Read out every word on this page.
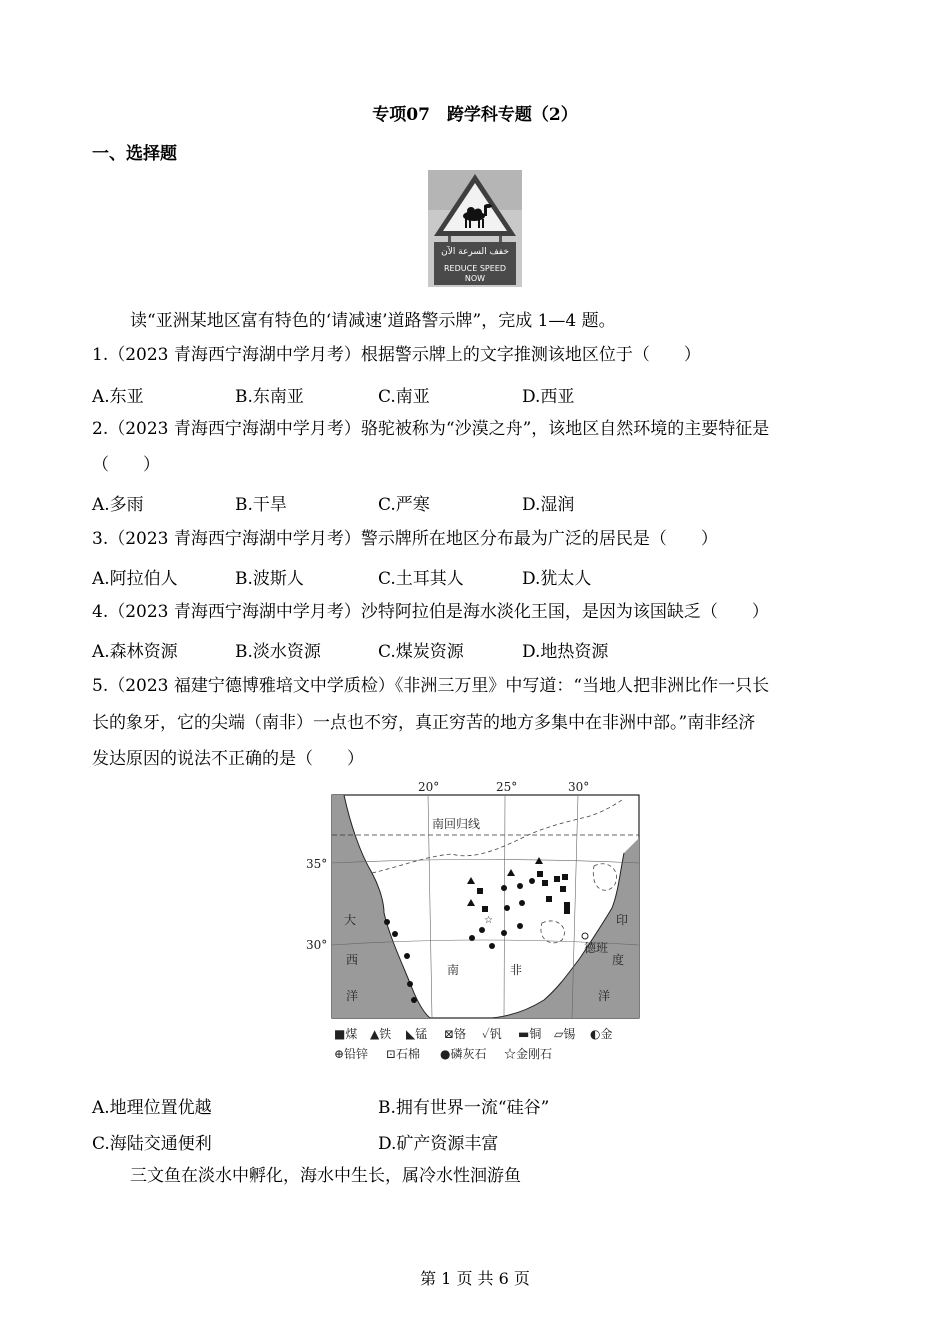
专项07　跨学科专题（2）
一、选择题
خفف السرعة الآن
REDUCE SPEED
NOW
读“亚洲某地区富有特色的‘请减速’道路警示牌”，完成 1—4 题。
1.（2023 青海西宁海湖中学月考）根据警示牌上的文字推测该地区位于（　　）
A.东亚	B.东南亚	C.南亚	D.西亚
2.（2023 青海西宁海湖中学月考）骆驼被称为“沙漠之舟”，该地区自然环境的主要特征是
（　　）
A.多雨	B.干旱	C.严寒	D.湿润
3.（2023 青海西宁海湖中学月考）警示牌所在地区分布最为广泛的居民是（　　）
A.阿拉伯人	B.波斯人	C.土耳其人	D.犹太人
4.（2023 青海西宁海湖中学月考）沙特阿拉伯是海水淡化王国，是因为该国缺乏（　　）
A.森林资源	B.淡水资源	C.煤炭资源	D.地热资源
5.（2023 福建宁德博雅培文中学质检）《非洲三万里》中写道：“当地人把非洲比作一只长
长的象牙，它的尖端（南非）一点也不穷，真正穷苦的地方多集中在非洲中部。”南非经济
发达原因的说法不正确的是（　　）
20°	25°	30°
35°
30°
南回归线
大
西
洋
印
度
洋
南	非
德班
☆
■煤 ▲铁 ◣锰 ⊠铬 ✓钒 ▬铜 ▱锡 ◐金
⊕铅锌 ⊡石棉 ●磷灰石 ☆金刚石
A.地理位置优越	B.拥有世界一流“硅谷”
C.海陆交通便利	D.矿产资源丰富
三文鱼在淡水中孵化，海水中生长，属冷水性洄游鱼
第 1 页 共 6 页
